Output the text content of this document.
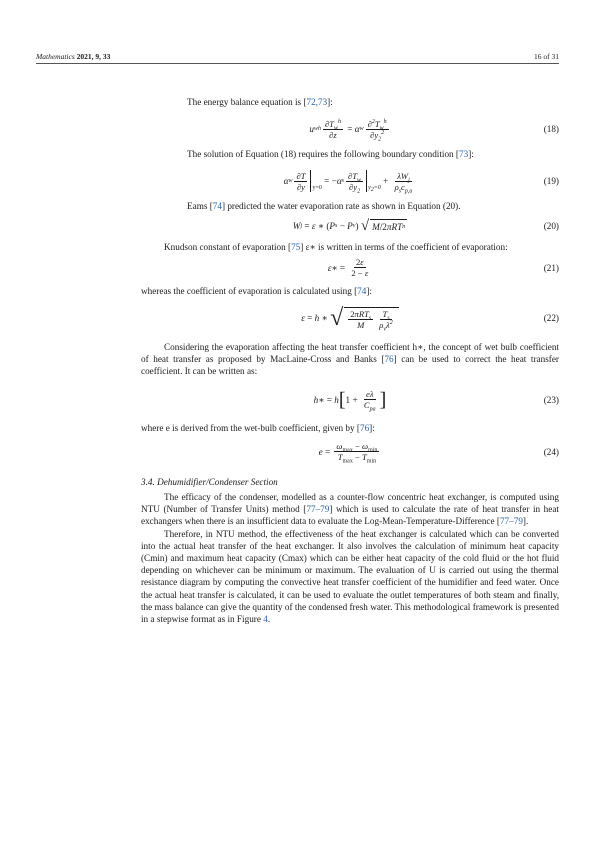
Mathematics 2021, 9, 33	16 of 31

The energy balance equation is [72,73]:

u w h $\frac{\partial T_w^h}{\partial z} = \alpha$ w $\frac{\partial^2T_w^h}{\partial y_2^2}$	(18)

The solution of Equation (18) requires the following boundary condition [73]:

α w $\frac{\partial T}{\partial y} y=0$
= − α s $\frac{\partial T_w}{\partial y_2} y_2=0$
+ $\frac{\lambda W_j}{\rho_sc_{p,a}}$	(19)

Eams [74] predicted the water evaporation rate as shown in Equation (20).

W j = ε ∗ ( P s − P v ) √ M /2 πRT n	(20)

Knudson constant of evaporation [75] ε∗ is written in terms of the coefficient of evaporation:

ε ∗ = $\frac{2\varepsilon}{2 - \varepsilon}$	(21)

whereas the coefficient of evaporation is calculated using [74]:

ε = h ∗ √ $\frac{2\pi RT_s}{M} \frac{T_s}{\rho_v\lambda^2}$	(22)

Considering the evaporation affecting the heat transfer coefficient h∗, the concept of wet bulb coefficient of heat transfer as proposed by MacLaine-Cross and Banks [76] can be used to correct the heat transfer coefficient. It can be written as:

h ∗ = h [ $1 + \frac{e\lambda}{C_{pa}}$ ]	(23)

where e is derived from the wet-bulb coefficient, given by [76]:

$e = \frac{\omega_{max} - \omega_{min}}{T_{max} - T_{min}}$	(24)

3.4. Dehumidifier/Condenser Section

The efficacy of the condenser, modelled as a counter-flow concentric heat exchanger, is computed using NTU (Number of Transfer Units) method [77–79] which is used to calculate the rate of heat transfer in heat exchangers when there is an insufficient data to evaluate the Log-Mean-Temperature-Difference [77–79].

Therefore, in NTU method, the effectiveness of the heat exchanger is calculated which can be converted into the actual heat transfer of the heat exchanger. It also involves the calculation of minimum heat capacity (Cmin) and maximum heat capacity (Cmax) which can be either heat capacity of the cold fluid or the hot fluid depending on whichever can be minimum or maximum. The evaluation of U is carried out using the thermal resistance diagram by computing the convective heat transfer coefficient of the humidifier and feed water. Once the actual heat transfer is calculated, it can be used to evaluate the outlet temperatures of both steam and finally, the mass balance can give the quantity of the condensed fresh water. This methodological framework is presented in a stepwise format as in Figure 4.
